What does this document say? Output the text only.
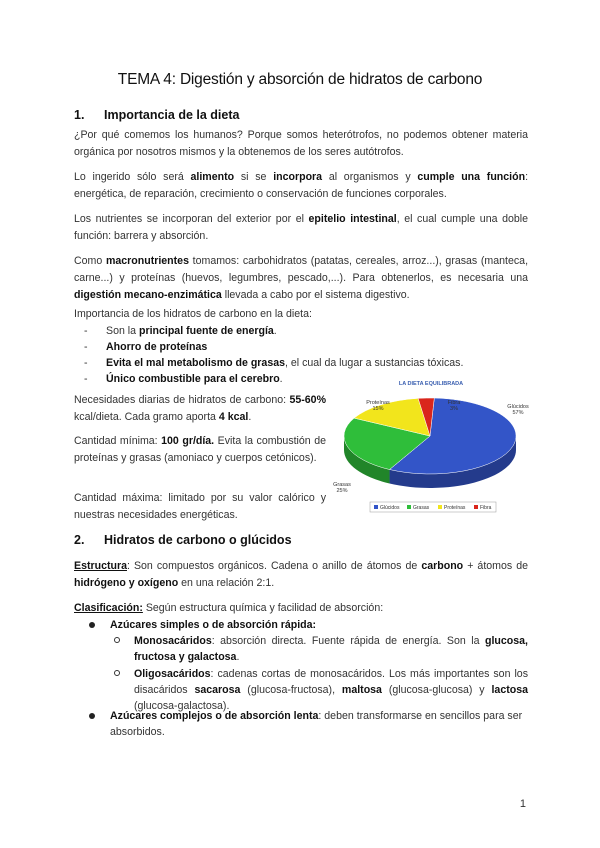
TEMA 4: Digestión y absorción de hidratos de carbono
1. Importancia de la dieta
¿Por qué comemos los humanos? Porque somos heterótrofos, no podemos obtener materia orgánica por nosotros mismos y la obtenemos de los seres autótrofos.
Lo ingerido sólo será alimento si se incorpora al organismos y cumple una función: energética, de reparación, crecimiento o conservación de funciones corporales.
Los nutrientes se incorporan del exterior por el epitelio intestinal, el cual cumple una doble función: barrera y absorción.
Como macronutrientes tomamos: carbohidratos (patatas, cereales, arroz...), grasas (manteca, carne...) y proteínas (huevos, legumbres, pescado,...). Para obtenerlos, es necesaria una digestión mecano-enzimática llevada a cabo por el sistema digestivo.
Importancia de los hidratos de carbono en la dieta:
- Son la principal fuente de energía.
- Ahorro de proteínas
- Evita el mal metabolismo de grasas, el cual da lugar a sustancias tóxicas.
- Único combustible para el cerebro.
Necesidades diarias de hidratos de carbono: 55-60% kcal/dieta. Cada gramo aporta 4 kcal.
Cantidad mínima: 100 gr/día. Evita la combustión de proteínas y grasas (amoniaco y cuerpos cetónicos).
Cantidad máxima: limitado por su valor calórico y nuestras necesidades energéticas.
LA DIETA EQUILIBRADA
Glúcidos 57%
Grasas 25%
Proteínas 15%
Fibra 3%
Glúcidos	Grasas	Proteínas	Fibra
2. Hidratos de carbono o glúcidos
Estructura: Son compuestos orgánicos. Cadena o anillo de átomos de carbono + átomos de hidrógeno y oxígeno en una relación 2:1.
Clasificación: Según estructura química y facilidad de absorción:
Azúcares simples o de absorción rápida:
Monosacáridos: absorción directa. Fuente rápida de energía. Son la glucosa, fructosa y galactosa.
Oligosacáridos: cadenas cortas de monosacáridos. Los más importantes son los disacáridos sacarosa (glucosa-fructosa), maltosa (glucosa-glucosa) y lactosa (glucosa-galactosa).
Azúcares complejos o de absorción lenta: deben transformarse en sencillos para ser absorbidos.
1
